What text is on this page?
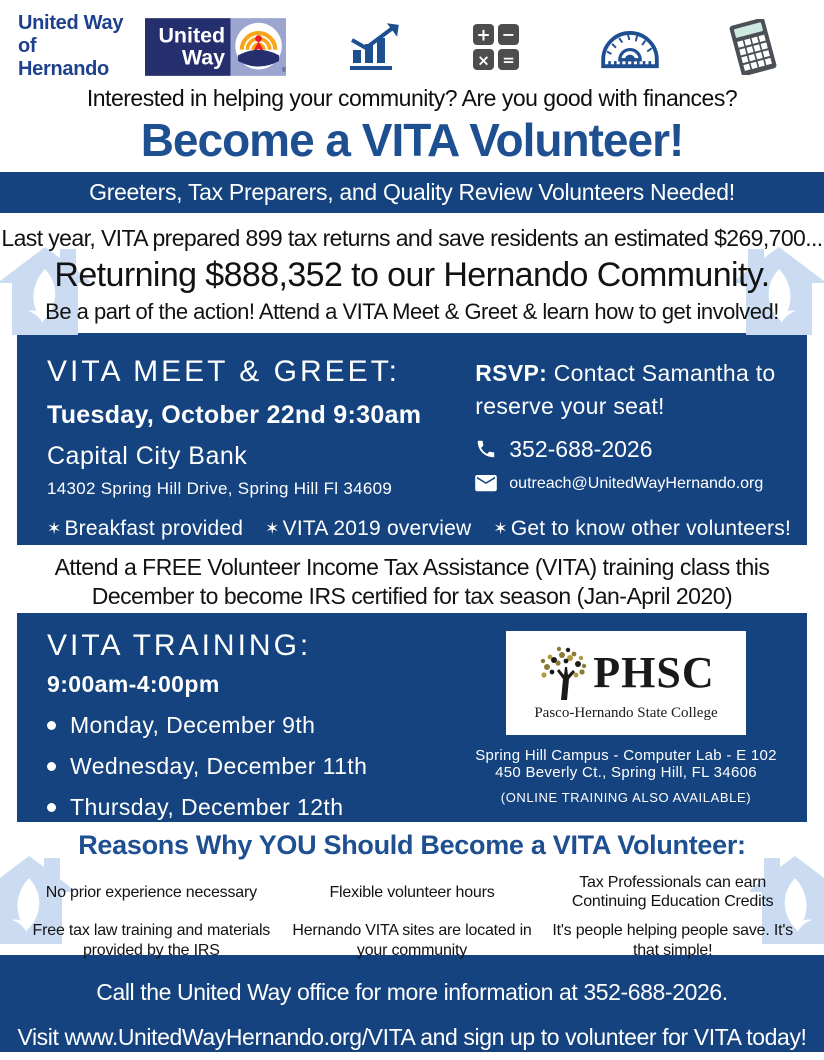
United Way
of Hernando
United
Way
®
+ −
× =
Interested in helping your community? Are you good with finances?
Become a VITA Volunteer!
Greeters, Tax Preparers, and Quality Review Volunteers Needed!

Last year, VITA prepared 899 tax returns and save residents an estimated $269,700...

Returning $888,352 to our Hernando Community.

Be a part of the action! Attend a VITA Meet & Greet & learn how to get involved!

VITA MEET & GREET:
Tuesday, October 22nd 9:30am
Capital City Bank
14302 Spring Hill Drive, Spring Hill Fl 34609
RSVP: Contact Samantha to reserve your seat!
352-688-2026
outreach@UnitedWayHernando.org
✶ Breakfast provided ✶ VITA 2019 overview ✶ Get to know other volunteers!
Attend a FREE Volunteer Income Tax Assistance (VITA) training class this
December to become IRS certified for tax season (Jan-April 2020)
VITA TRAINING:
9:00am-4:00pm
Monday, December 9th
Wednesday, December 11th
Thursday, December 12th
PHSC
Pasco-Hernando State College
Spring Hill Campus - Computer Lab - E 102
450 Beverly Ct., Spring Hill, FL 34606
(ONLINE TRAINING ALSO AVAILABLE)
Reasons Why YOU Should Become a VITA Volunteer:
No prior experience necessary	Flexible volunteer hours
Tax Professionals can earn Continuing Education Credits
Free tax law training and materials provided by the IRS
Hernando VITA sites are located in your community
It's people helping people save. It's that simple!
Call the United Way office for more information at 352-688-2026.
Visit www.UnitedWayHernando.org/VITA and sign up to volunteer for VITA today!
